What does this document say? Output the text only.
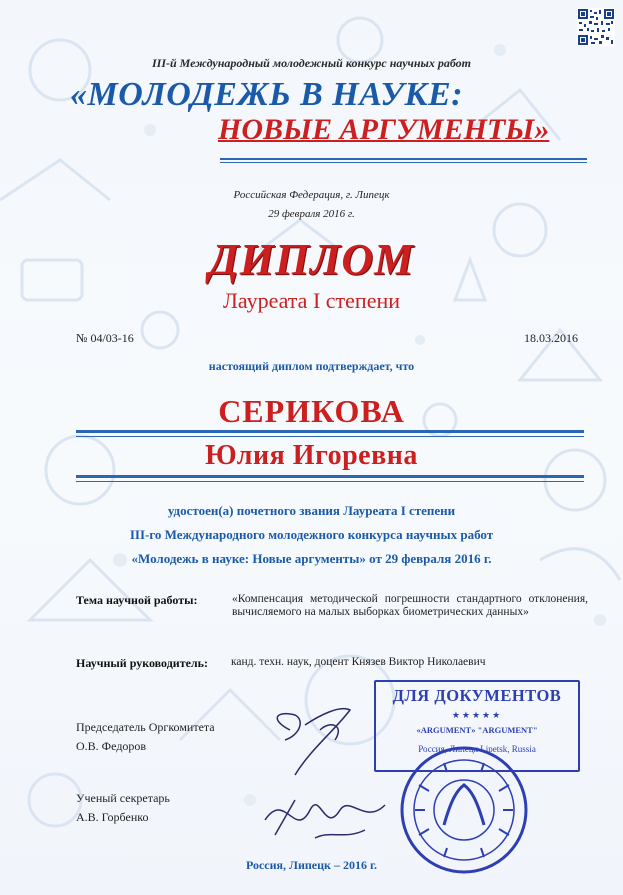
III-й Международный молодежный конкурс научных работ
«МОЛОДЕЖЬ В НАУКЕ:
НОВЫЕ АРГУМЕНТЫ»
Российская Федерация, г. Липецк
29 февраля 2016 г.
ДИПЛОМ
Лауреата I степени
№ 04/03-16	18.03.2016
настоящий диплом подтверждает, что
СЕРИКОВА
Юлия Игоревна
удостоен(а) почетного звания Лауреата I степени
III-го Международного молодежного конкурса научных работ
«Молодежь в науке: Новые аргументы» от 29 февраля 2016 г.
Тема научной работы:	«Компенсация методической погрешности стандартного отклонения, вычисляемого на малых выборках биометрических данных»
Научный руководитель: канд. техн. наук, доцент Князев Виктор Николаевич
Председатель Оргкомитета
О.В. Федоров
Ученый секретарь
А.В. Горбенко
ДЛЯ ДОКУМЕНТОВ
★★★★★
«ARGUMENT» "ARGUMENT"
Россия, Липецк Lipetsk, Russia
Россия, Липецк – 2016 г.
